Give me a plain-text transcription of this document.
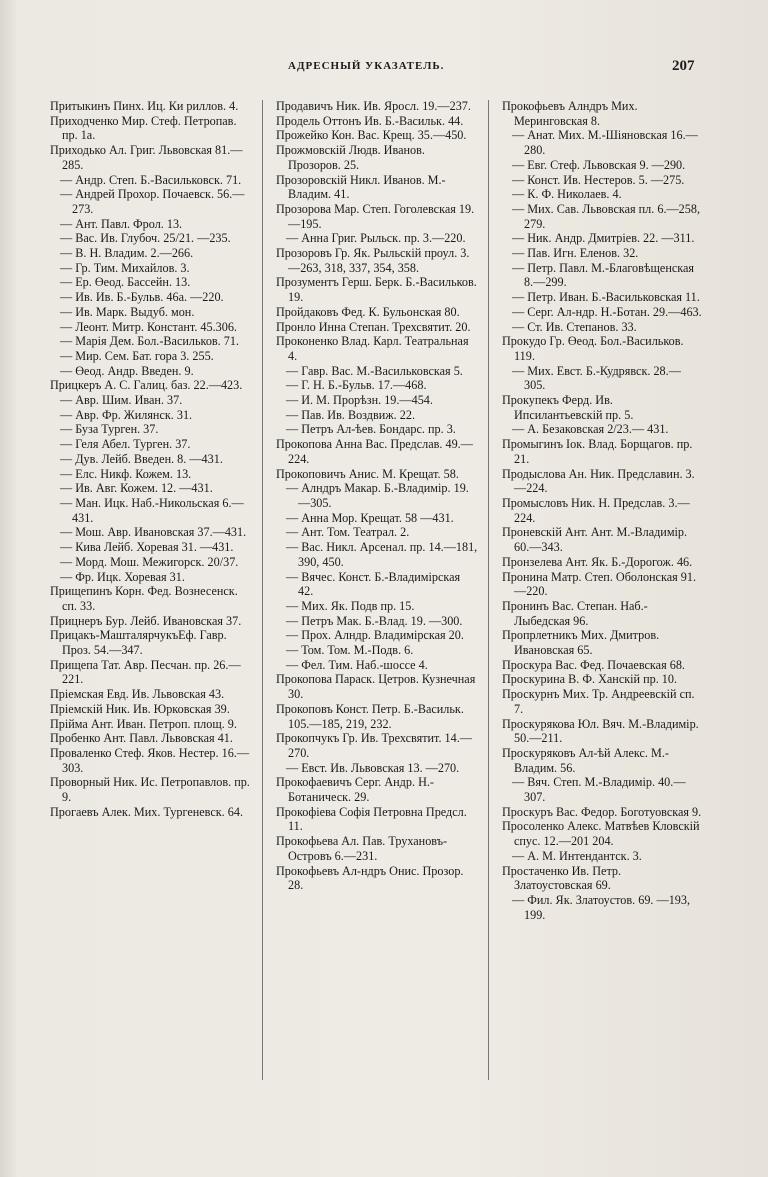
АДРЕСНЫЙ УКАЗАТЕЛЬ.	207

Притыкинъ Пинх. Иц. Ки риллов. 4.

Приходченко Мир. Стеф. Петропав. пр. 1а.

Приходько Ал. Григ. Львовская 81.—285.

— Андр. Степ. Б.-Васильковск. 71.

— Андрей Прохор. Почаевск. 56.—273.

— Ант. Павл. Фрол. 13.

— Вас. Ив. Глубоч. 25/21. —235.

— В. Н. Владим. 2.—266.

— Гр. Тим. Михайлов. 3.

— Ер. Өеод. Бассейн. 13.

— Ив. Ив. Б.-Бульв. 46а. —220.

— Ив. Марк. Выдуб. мон.

— Леонт. Митр. Констант. 45.306.

— Марія Дем. Бол.-Васильков. 71.

— Мир. Сем. Бат. гора 3. 255.

— Өеод. Андр. Введен. 9.

Прицкеръ А. С. Галиц. баз. 22.—423.

— Авр. Шим. Иван. 37.

— Авр. Фр. Жилянск. 31.

— Буза Турген. 37.

— Геля Абел. Турген. 37.

— Дув. Лейб. Введен. 8. —431.

— Елс. Никф. Кожем. 13.

— Ив. Авг. Кожем. 12. —431.

— Ман. Ицк. Наб.-Никольская 6.—431.

— Мош. Авр. Ивановская 37.—431.

— Кива Лейб. Хоревая 31. —431.

— Морд. Мош. Межигорск. 20/37.

— Фр. Ицк. Хоревая 31.

Прищепинъ Корн. Фед. Вознесенск. сп. 33.

Прицнеръ Бур. Лейб. Ивановская 37.

Прицакъ-МашталярчукъЕф. Гавр. Проз. 54.—347.

Прищепа Тат. Авр. Песчан. пр. 26.—221.

Пріемская Евд. Ив. Львовская 43.

Пріемскій Ник. Ив. Юрковская 39.

Прійма Ант. Иван. Петроп. площ. 9.

Пробенко Ант. Павл. Львовская 41.

Проваленко Стеф. Яков. Нестер. 16.—303.

Проворный Ник. Ис. Петропавлов. пр. 9.

Прогаевъ Алек. Мих. Тургеневск. 64.

Продавичъ Ник. Ив. Яросл. 19.—237.

Продель Оттонъ Ив. Б.-Васильк. 44.

Прожейко Кон. Вас. Крещ. 35.—450.

Прожмовскій Людв. Иванов. Прозоров. 25.

Прозоровскій Никл. Иванов. М.-Владим. 41.

Прозорова Мар. Степ. Гоголевская 19.—195.

— Анна Григ. Рыльск. пр. 3.—220.

Прозоровъ Гр. Як. Рыльскій проул. 3.—263, 318, 337, 354, 358.

Прозументъ Герш. Берк. Б.-Васильков. 19.

Пройдаковъ Фед. К. Бульонская 80.

Пронло Инна Степан. Трехсвятит. 20.

Проконенко Влад. Карл. Театральная 4.

— Гавр. Вас. М.-Васильковская 5.

— Г. Н. Б.-Бульв. 17.—468.

— И. М. Прорѣзн. 19.—454.

— Пав. Ив. Воздвиж. 22.

— Петръ Ал-ѣев. Бондарс. пр. 3.

Прокопова Анна Вас. Предслав. 49.—224.

Прокоповичъ Анис. М. Крещат. 58.

— Алндръ Макар. Б.-Владимір. 19.—305.

— Анна Мор. Крещат. 58 —431.

— Ант. Том. Театрал. 2.

— Вас. Никл. Арсенал. пр. 14.—181, 390, 450.

— Вячес. Конст. Б.-Владимірская 42.

— Мих. Як. Подв пр. 15.

— Петръ Мак. Б.-Влад. 19. —300.

— Прох. Алндр. Владимірская 20.

— Том. Том. М.-Подв. 6.

— Фел. Тим. Наб.-шоссе 4.

Прокопова Параск. Цетров. Кузнечная 30.

Прокоповъ Конст. Петр. Б.-Васильк. 105.—185, 219, 232.

Прокопчукъ Гр. Ив. Трехсвятит. 14.—270.

— Евст. Ив. Львовская 13. —270.

Прокофаевичъ Серг. Андр. Н.-Ботаническ. 29.

Прокофіева Софія Петровна Предсл. 11.

Прокофьева Ал. Пав. Трухановъ-Островъ 6.—231.

Прокофьевъ Ал-ндръ Онис. Прозор. 28.

Прокофьевъ Алндръ Мих. Меринговская 8.

— Анат. Мих. М.-Шіяновская 16.—280.

— Евг. Стеф. Львовская 9. —290.

— Конст. Ив. Нестеров. 5. —275.

— К. Ф. Николаев. 4.

— Мих. Сав. Львовская пл. 6.—258, 279.

— Ник. Андр. Дмитріев. 22. —311.

— Пав. Игн. Еленов. 32.

— Петр. Павл. М.-Благовѣщенская 8.—299.

— Петр. Иван. Б.-Васильковская 11.

— Серг. Ал-ндр. Н.-Ботан. 29.—463.

— Ст. Ив. Степанов. 33.

Прокудо Гр. Өеод. Бол.-Васильков. 119.

— Мих. Евст. Б.-Кудрявск. 28.—305.

Прокупекъ Ферд. Ив. Ипсилантьевскій пр. 5.

— А. Безаковская 2/23.— 431.

Промыгинъ Іок. Влад. Борщагов. пр. 21.

Продыслова Ан. Ник. Предславин. 3.—224.

Промысловъ Ник. Н. Предслав. 3.—224.

Проневскій Ант. Ант. М.-Владимір. 60.—343.

Пронзелева Ант. Як. Б.-Дорогож. 46.

Пронина Матр. Степ. Оболонская 91.—220.

Пронинъ Вас. Степан. Наб.-Лыбедская 96.

Пропрлетникъ Мих. Дмитров. Ивановская 65.

Проскура Вас. Фед. Почаевская 68.

Проскурина В. Ф. Ханскій пр. 10.

Проскурнъ Мих. Тр. Андреевскій сп. 7.

Проскурякова Юл. Вяч. М.-Владимір. 50.—211.

Проскуряковъ Ал-ѣй Алекс. М.-Владим. 56.

— Вяч. Степ. М.-Владимір. 40.—307.

Проскуръ Вас. Федор. Боготуовская 9.

Просоленко Алекс. Матвѣев Кловскій спус. 12.—201 204.

— А. М. Интендантск. 3.

Простаченко Ив. Петр. Златоустовская 69.

— Фил. Як. Златоустов. 69. —193, 199.
